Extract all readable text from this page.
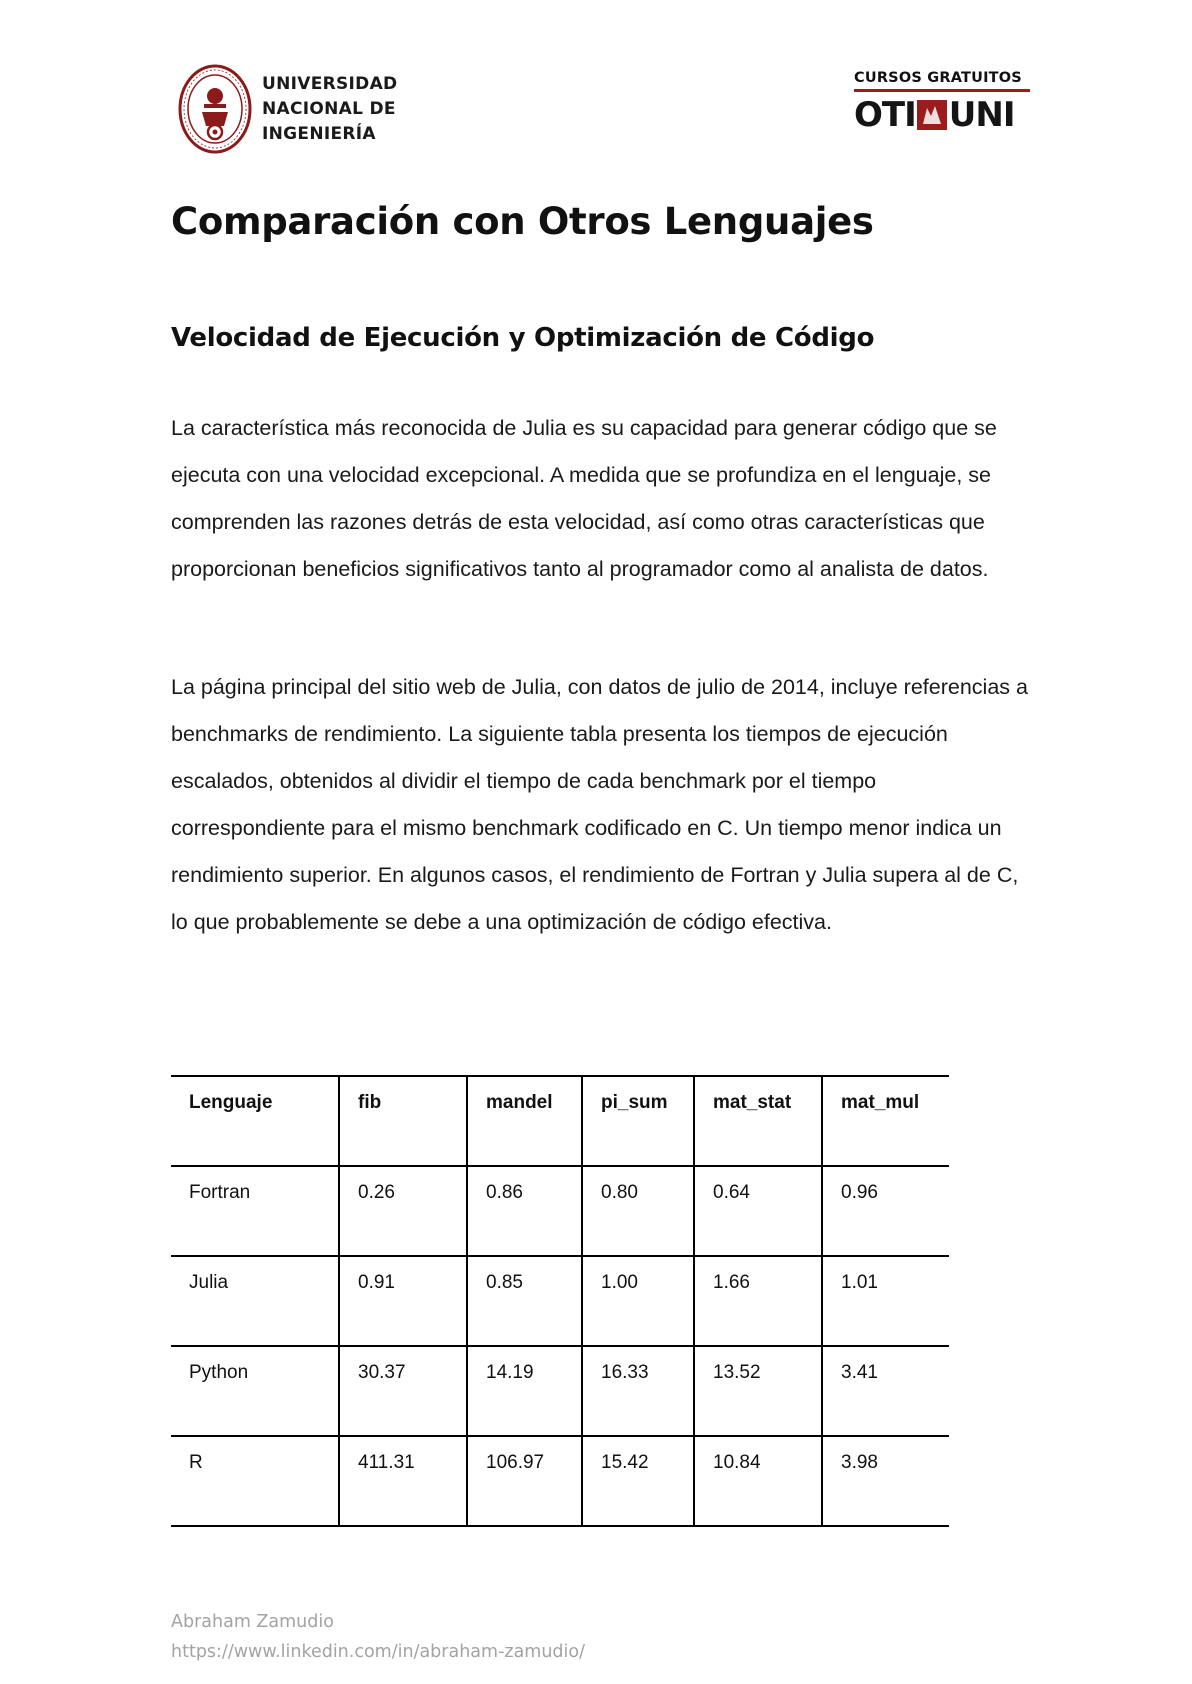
UNIVERSIDAD
NACIONAL DE
INGENIERÍA
CURSOS GRATUITOS
OTI UNI
Comparación con Otros Lenguajes
Velocidad de Ejecución y Optimización de Código

La característica más reconocida de Julia es su capacidad para generar código que se ejecuta con una velocidad excepcional. A medida que se profundiza en el lenguaje, se comprenden las razones detrás de esta velocidad, así como otras características que proporcionan beneficios significativos tanto al programador como al analista de datos.

La página principal del sitio web de Julia, con datos de julio de 2014, incluye referencias a benchmarks de rendimiento. La siguiente tabla presenta los tiempos de ejecución escalados, obtenidos al dividir el tiempo de cada benchmark por el tiempo correspondiente para el mismo benchmark codificado en C. Un tiempo menor indica un rendimiento superior. En algunos casos, el rendimiento de Fortran y Julia supera al de C, lo que probablemente se debe a una optimización de código efectiva.

Lenguaje	fib	mandel	pi_sum	mat_stat	mat_mul
Fortran	0.26	0.86	0.80	0.64	0.96
Julia	0.91	0.85	1.00	1.66	1.01
Python	30.37	14.19	16.33	13.52	3.41
R	411.31	106.97	15.42	10.84	3.98
Abraham Zamudio
https://www.linkedin.com/in/abraham-zamudio/
